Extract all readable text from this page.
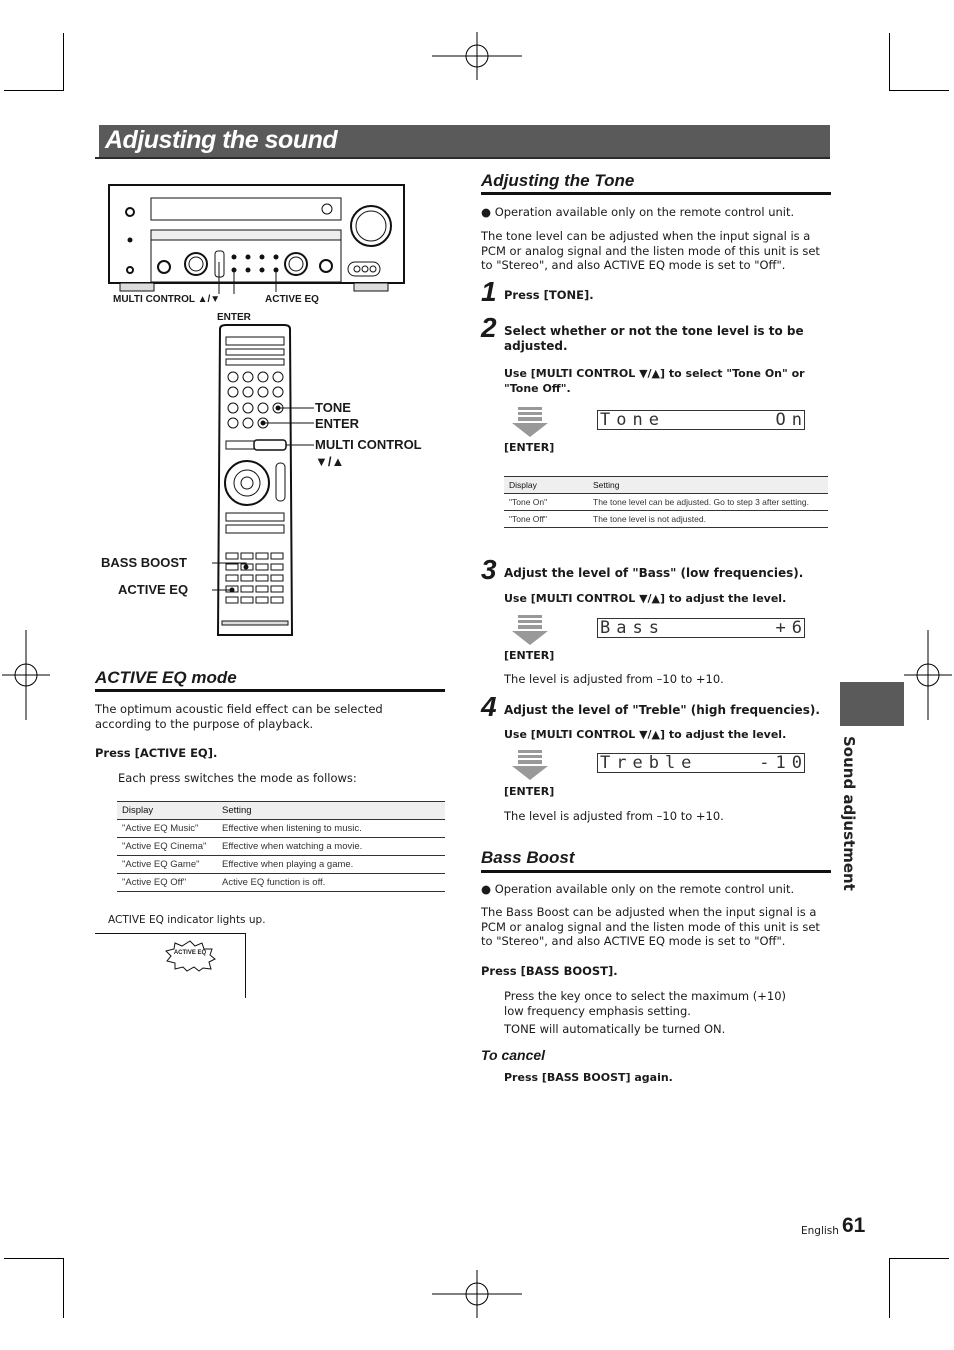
Adjusting the sound
Sound adjustment
MULTI CONTROL ▲/▼	ACTIVE EQ
ENTER
TONE
ENTER
MULTI CONTROL
▼/▲
BASS BOOST
ACTIVE EQ
ACTIVE EQ mode
The optimum acoustic field effect can be selected according to the purpose of playback.
Press [ACTIVE EQ].
Each press switches the mode as follows:
Display	Setting
"Active EQ Music"	Effective when listening to music.
"Active EQ Cinema"	Effective when watching a movie.
"Active EQ Game"	Effective when playing a game.
"Active EQ Off"	Active EQ function is off.
ACTIVE EQ indicator lights up.
ACTIVE EQ
Adjusting the Tone
● Operation available only on the remote control unit.
The tone level can be adjusted when the input signal is a PCM or analog signal and the listen mode of this unit is set to "Stereo", and also ACTIVE EQ mode is set to "Off".
1 Press [TONE].
2 Select whether or not the tone level is to be adjusted.
Use [MULTI CONTROL ▼/▲] to select "Tone On" or "Tone Off".
Tone	On
[ENTER]
Display	Setting
"Tone On"	The tone level can be adjusted. Go to step 3 after setting.
"Tone Off"	The tone level is not adjusted.
3 Adjust the level of "Bass" (low frequencies).
Use [MULTI CONTROL ▼/▲] to adjust the level.
Bass	+6
[ENTER]
The level is adjusted from –10 to +10.
4 Adjust the level of "Treble" (high frequencies).
Use [MULTI CONTROL ▼/▲] to adjust the level.
Treble	-10
[ENTER]
The level is adjusted from –10 to +10.
Bass Boost
● Operation available only on the remote control unit.
The Bass Boost can be adjusted when the input signal is a PCM or analog signal and the listen mode of this unit is set to "Stereo", and also ACTIVE EQ mode is set to "Off".
Press [BASS BOOST].
Press the key once to select the maximum (+10) low frequency emphasis setting.
TONE will automatically be turned ON.
To cancel
Press [BASS BOOST] again.
English 61
